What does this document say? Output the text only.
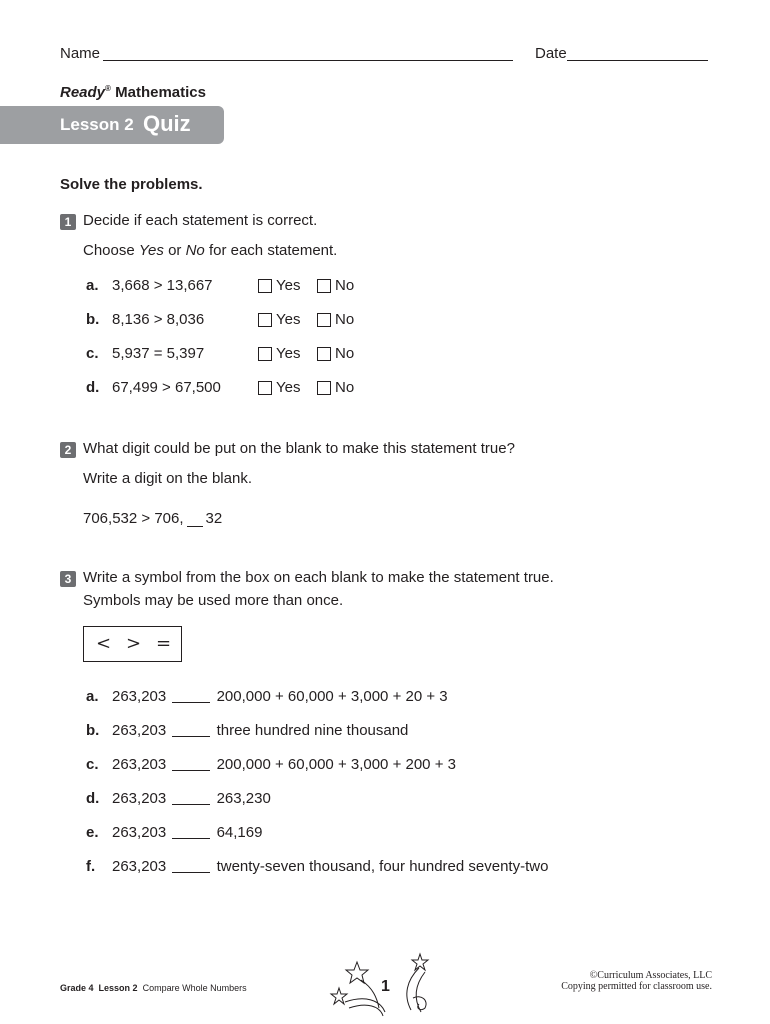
Name	Date
Ready® Mathematics
Lesson 2 Quiz
Solve the problems.
1 Decide if each statement is correct.
Choose Yes or No for each statement.
a. 3,668 > 13,667	Yes No
b. 8,136 > 8,036	Yes No
c. 5,937 = 5,397	Yes No
d. 67,499 > 67,500	Yes No
2 What digit could be put on the blank to make this statement true?
Write a digit on the blank.
706,532 > 706, 32
3 Write a symbol from the box on each blank to make the statement true.
Symbols may be used more than once.
< > =
a. 263,203	200,000 + 60,000 + 3,000 + 20 + 3
b. 263,203	three hundred nine thousand
c. 263,203	200,000 + 60,000 + 3,000 + 200 + 3
d. 263,203	263,230
e. 263,203	64,169
f. 263,203	twenty-seven thousand, four hundred seventy-two
Grade 4 Lesson 2 Compare Whole Numbers	1
©Curriculum Associates, LLC
Copying permitted for classroom use.
